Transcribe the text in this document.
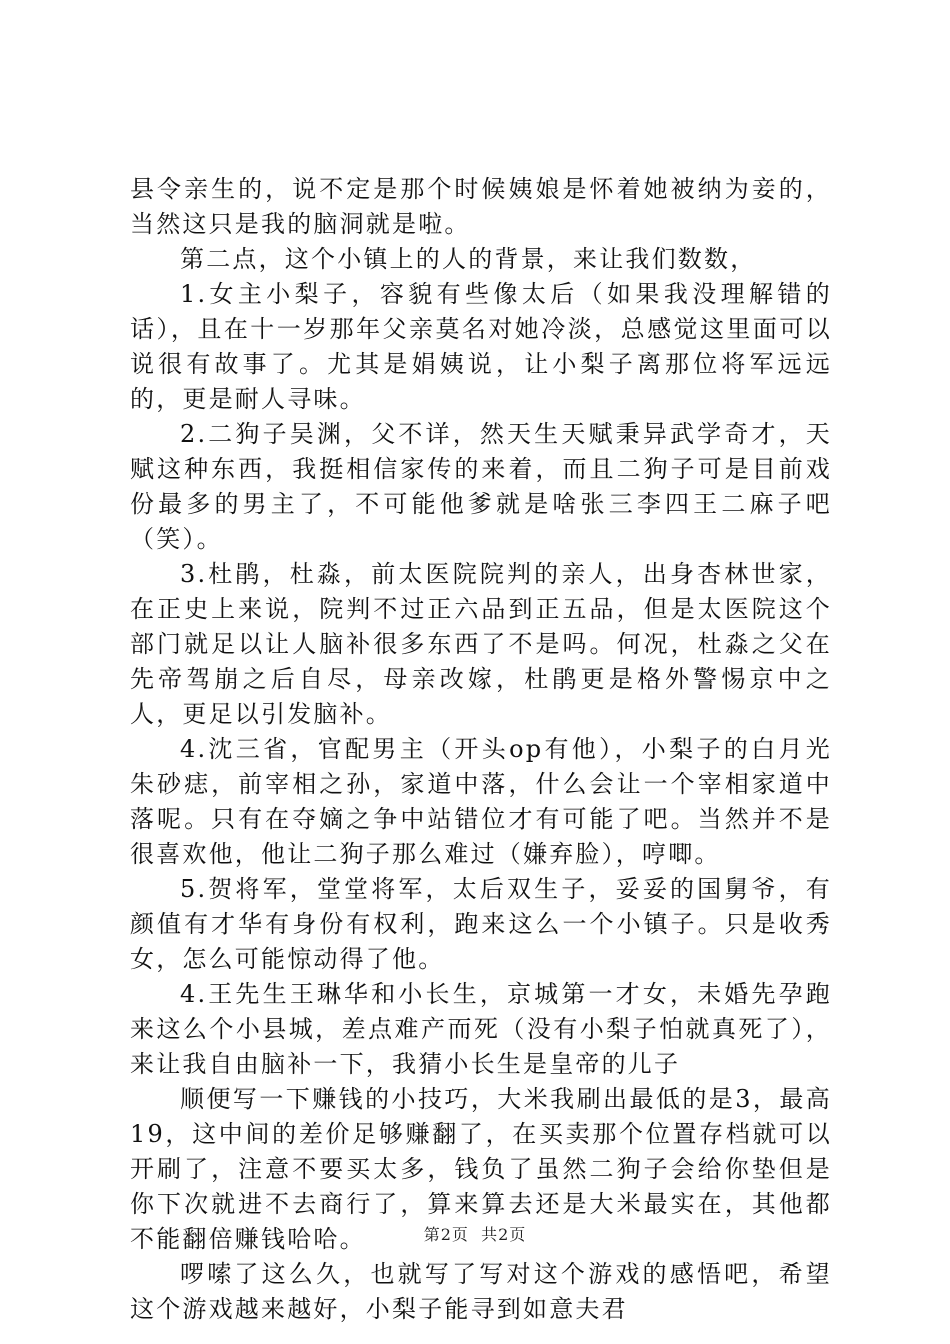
县令亲生的，说不定是那个时候姨娘是怀着她被纳为妾的，当然这只是我的脑洞就是啦。

第二点，这个小镇上的人的背景，来让我们数数，

1.女主小梨子，容貌有些像太后（如果我没理解错的话），且在十一岁那年父亲莫名对她冷淡，总感觉这里面可以说很有故事了。尤其是娟姨说，让小梨子离那位将军远远的，更是耐人寻味。

2.二狗子吴渊，父不详，然天生天赋秉异武学奇才，天赋这种东西，我挺相信家传的来着，而且二狗子可是目前戏份最多的男主了，不可能他爹就是啥张三李四王二麻子吧（笑）。

3.杜鹃，杜淼，前太医院院判的亲人，出身杏林世家，在正史上来说，院判不过正六品到正五品，但是太医院这个部门就足以让人脑补很多东西了不是吗。何况，杜淼之父在先帝驾崩之后自尽，母亲改嫁，杜鹃更是格外警惕京中之人，更足以引发脑补。

4.沈三省，官配男主（开头op有他），小梨子的白月光朱砂痣，前宰相之孙，家道中落，什么会让一个宰相家道中落呢。只有在夺嫡之争中站错位才有可能了吧。当然并不是很喜欢他，他让二狗子那么难过（嫌弃脸），哼唧。

5.贺将军，堂堂将军，太后双生子，妥妥的国舅爷，有颜值有才华有身份有权利，跑来这么一个小镇子。只是收秀女，怎么可能惊动得了他。

4.王先生王琳华和小长生，京城第一才女，未婚先孕跑来这么个小县城，差点难产而死（没有小梨子怕就真死了），来让我自由脑补一下，我猜小长生是皇帝的儿子

顺便写一下赚钱的小技巧，大米我刷出最低的是3，最高19，这中间的差价足够赚翻了，在买卖那个位置存档就可以开刷了，注意不要买太多，钱负了虽然二狗子会给你垫但是你下次就进不去商行了，算来算去还是大米最实在，其他都不能翻倍赚钱哈哈。

啰嗦了这么久，也就写了写对这个游戏的感悟吧，希望这个游戏越来越好，小梨子能寻到如意夫君

第2页  共2页
